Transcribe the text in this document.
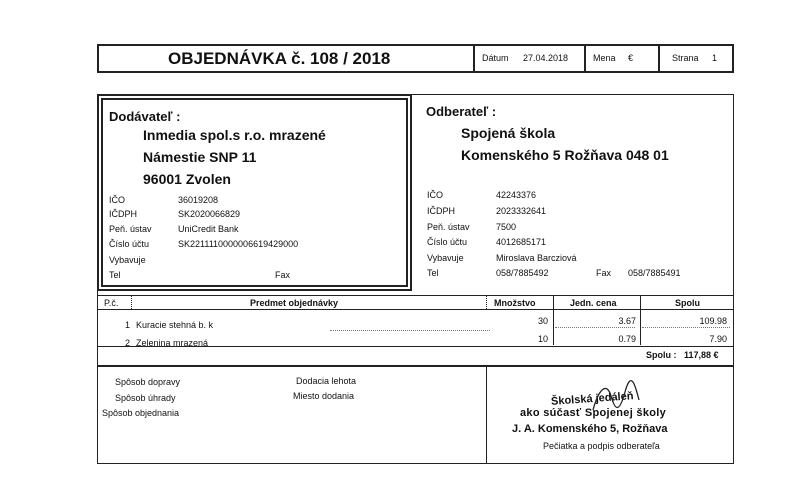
OBJEDNÁVKA č. 108 / 2018	Dátum 27.04.2018	Mena €	Strana 1
Dodávateľ :
Inmedia spol.s r.o. mrazené
Námestie SNP 11
96001 Zvolen
IČO	36019208
IČDPH	SK2020066829
Peň. ústav	UniCredit Bank
Číslo účtu	SK2211110000006619429000
Vybavuje
Tel	Fax
Odberateľ :
Spojená škola
Komenského 5 Rožňava 048 01
IČO	42243376
IČDPH	2023332641
Peň. ústav	7500
Číslo účtu	4012685171
Vybavuje	Miroslava Barcziová
Tel	058/7885492	Fax 058/7885491
P.č.	Predmet objednávky	Množstvo	Jedn. cena	Spolu
1 Kuracie stehná b. k	30	3.67	109.98
2 Zelenina mrazená	10	0.79	7.90
Spolu : 117,88 €
Spôsob dopravy
Spôsob úhrady
Spôsob objednania
Dodacia lehota
Miesto dodania	Školská jedáleň
ako súčasť Spojenej školy
J. A. Komenského 5, Rožňava
Pečiatka a podpis odberateľa
